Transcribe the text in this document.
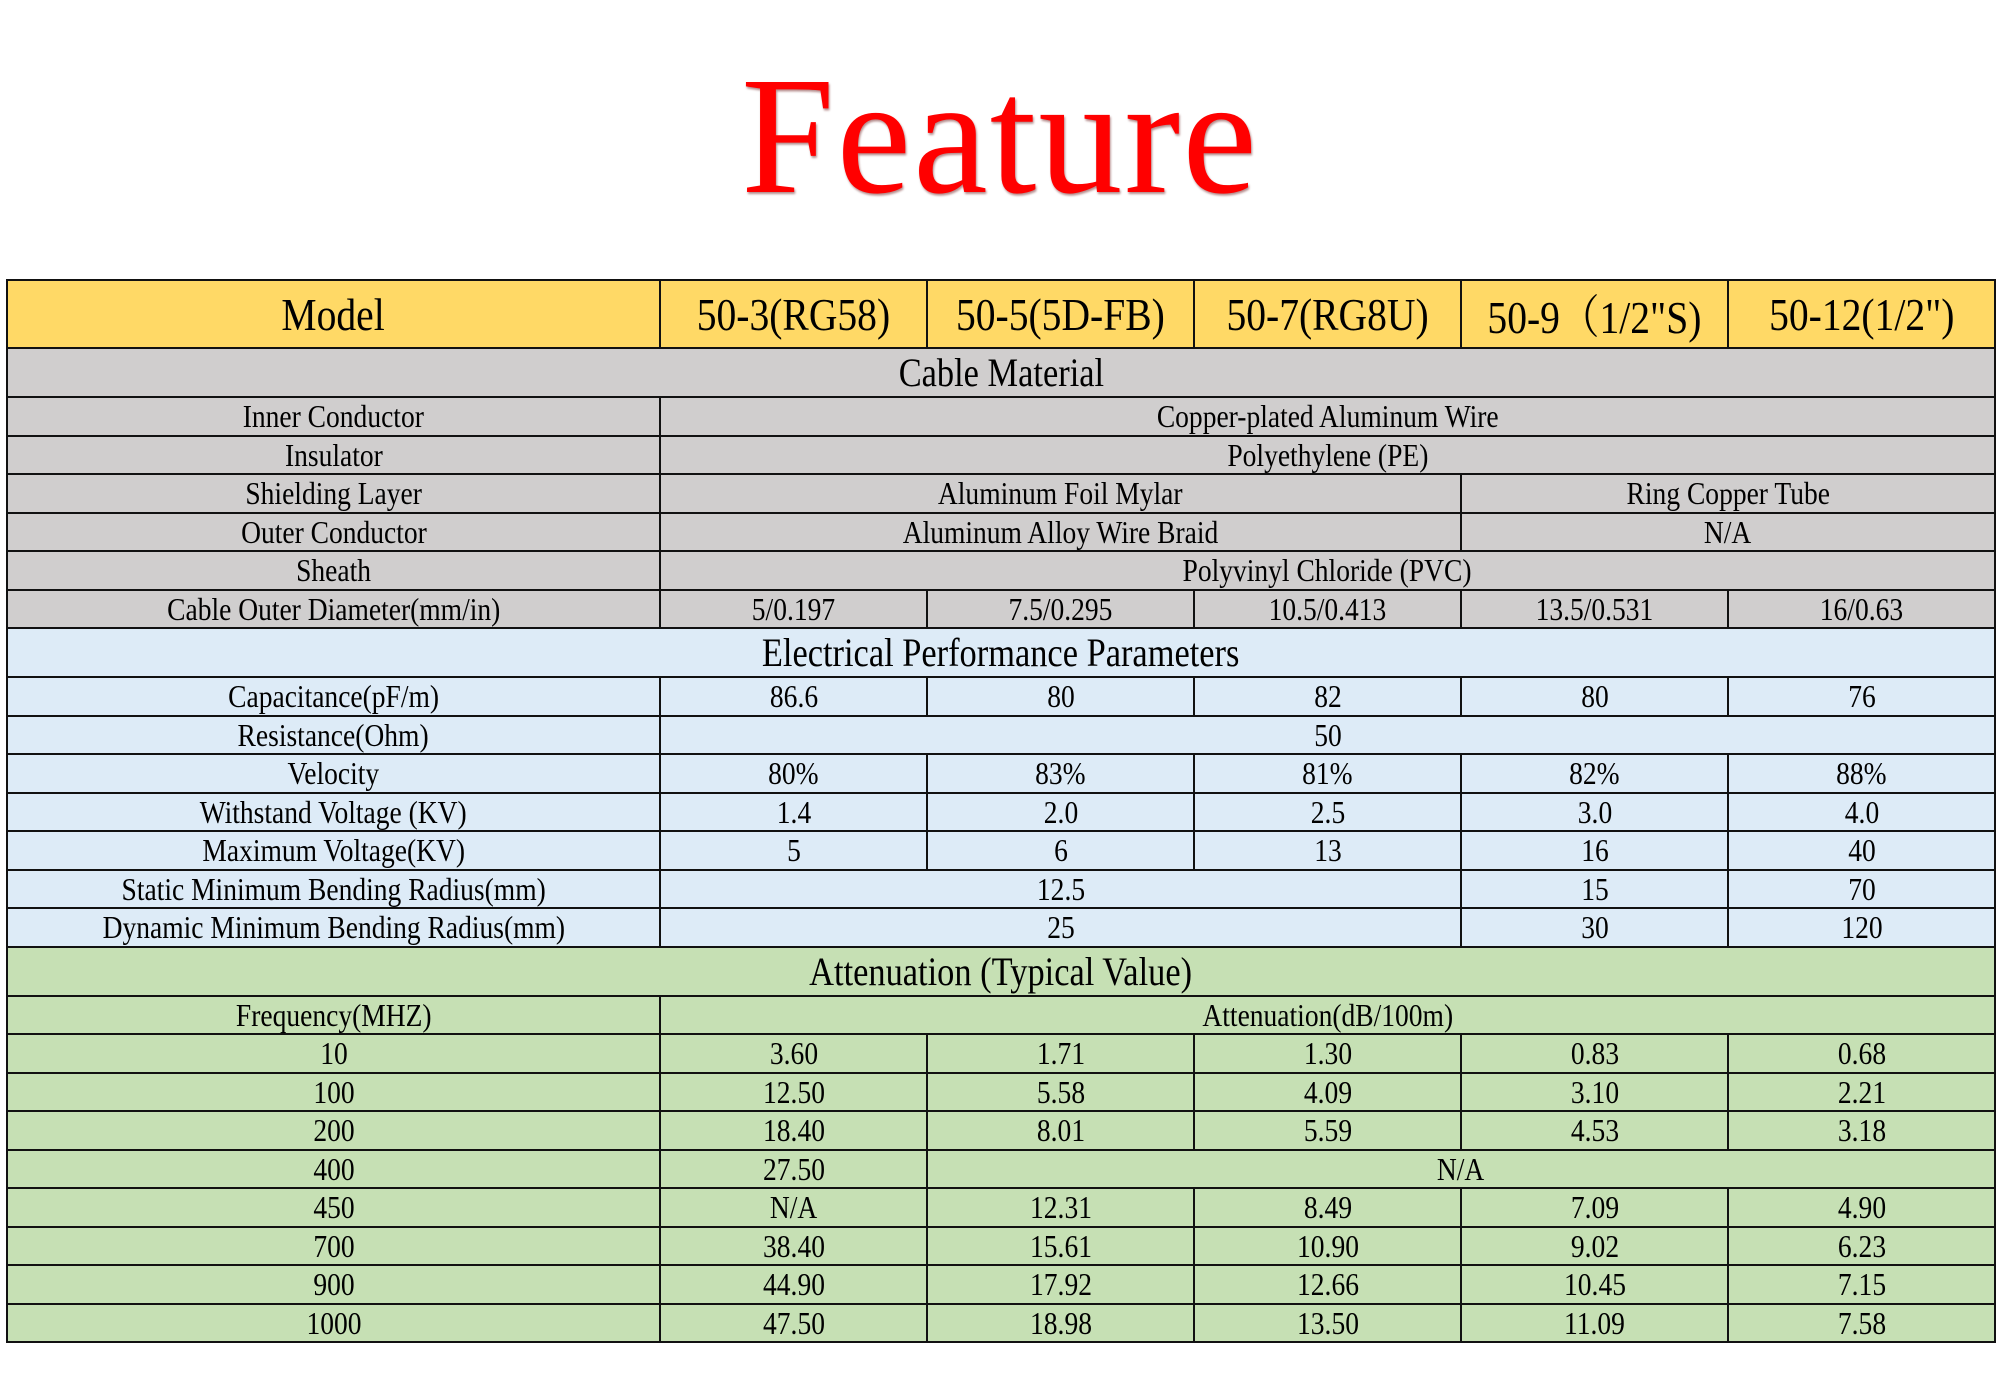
Feature
Model	50-3(RG58)	50-5(5D-FB)	50-7(RG8U)	50-9（1/2"S)	50-12(1/2")
Cable Material					
Inner Conductor	Copper-plated Aluminum Wire				
Insulator	Polyethylene (PE)				
Shielding Layer	Aluminum Foil Mylar			Ring Copper Tube	
Outer Conductor	Aluminum Alloy Wire Braid			N/A	
Sheath	Polyvinyl Chloride (PVC)				
Cable Outer Diameter(mm/in)	5/0.197	7.5/0.295	10.5/0.413	13.5/0.531	16/0.63
Electrical Performance Parameters					
Capacitance(pF/m)	86.6	80	82	80	76
Resistance(Ohm)	50				
Velocity	80%	83%	81%	82%	88%
Withstand Voltage (KV)	1.4	2.0	2.5	3.0	4.0
Maximum Voltage(KV)	5	6	13	16	40
Static Minimum Bending Radius(mm)	12.5			15	70
Dynamic Minimum Bending Radius(mm)	25			30	120
Attenuation (Typical Value)					
Frequency(MHZ)	Attenuation(dB/100m)				
10	3.60	1.71	1.30	0.83	0.68
100	12.50	5.58	4.09	3.10	2.21
200	18.40	8.01	5.59	4.53	3.18
400	27.50	N/A			
450	N/A	12.31	8.49	7.09	4.90
700	38.40	15.61	10.90	9.02	6.23
900	44.90	17.92	12.66	10.45	7.15
1000	47.50	18.98	13.50	11.09	7.58
